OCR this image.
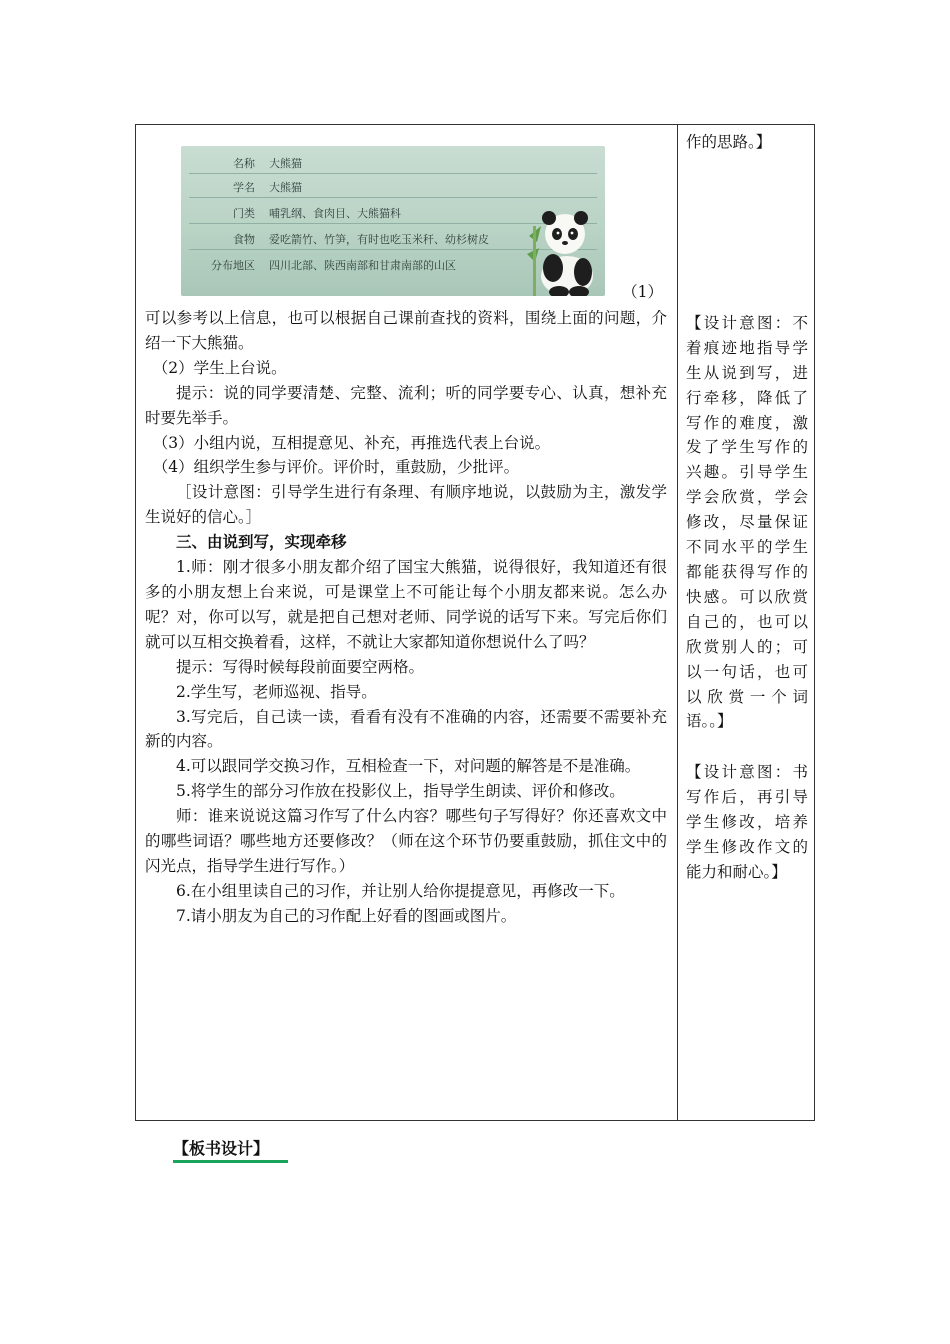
名称 大熊猫
学名 大熊猫
门类 哺乳纲、食肉目、大熊猫科
食物 爱吃箭竹、竹笋，有时也吃玉米秆、幼杉树皮
分布地区 四川北部、陕西南部和甘肃南部的山区
（1）

可以参考以上信息，也可以根据自己课前查找的资料，围绕上面的问题，介绍一下大熊猫。

（2）学生上台说。

提示：说的同学要清楚、完整、流利；听的同学要专心、认真，想补充时要先举手。

（3）小组内说，互相提意见、补充，再推选代表上台说。

（4）组织学生参与评价。评价时，重鼓励，少批评。

［设计意图：引导学生进行有条理、有顺序地说，以鼓励为主，激发学生说好的信心。］

三、由说到写，实现牵移

1.师：刚才很多小朋友都介绍了国宝大熊猫，说得很好，我知道还有很多的小朋友想上台来说，可是课堂上不可能让每个小朋友都来说。怎么办呢？对，你可以写，就是把自己想对老师、同学说的话写下来。写完后你们就可以互相交换着看，这样，不就让大家都知道你想说什么了吗？

提示：写得时候每段前面要空两格。

2.学生写，老师巡视、指导。

3.写完后，自己读一读，看看有没有不准确的内容，还需要不需要补充新的内容。

4.可以跟同学交换习作，互相检查一下，对问题的解答是不是准确。

5.将学生的部分习作放在投影仪上，指导学生朗读、评价和修改。

师：谁来说说这篇习作写了什么内容？哪些句子写得好？你还喜欢文中的哪些词语？哪些地方还要修改？（师在这个环节仍要重鼓励，抓住文中的闪光点，指导学生进行写作。）

6.在小组里读自己的习作，并让别人给你提提意见，再修改一下。

7.请小朋友为自己的习作配上好看的图画或图片。

作的思路。】

【设计意图：不着痕迹地指导学生从说到写，进行牵移，降低了写作的难度，激发了学生写作的兴趣。引导学生学会欣赏，学会修改，尽量保证不同水平的学生都能获得写作的快感。可以欣赏自己的，也可以欣赏别人的；可以一句话，也可以欣赏一个词语。。】

【设计意图：书写作后，再引导学生修改，培养学生修改作文的能力和耐心。】

【板书设计】
